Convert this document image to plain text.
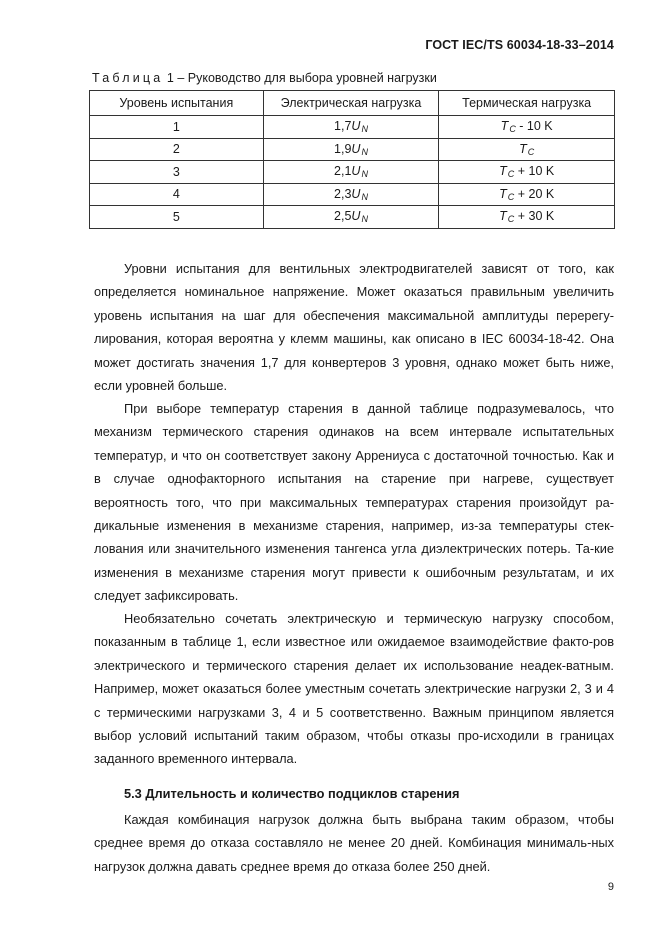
ГОСТ IEC/TS 60034-18-33–2014
Таблица 1 – Руководство для выбора уровней нагрузки
Уровень испытания	Электрическая нагрузка	Термическая нагрузка
1	$1,7U_N$	$T_C - 10$ K
2	$1,9U_N$	$T_C$
3	$2,1U_N$	$T_C + 10$ K
4	$2,3U_N$	$T_C + 20$ K
5	$2,5U_N$	$T_C + 30$ K

Уровни испытания для вентильных электродвигателей зависят от того, как определяется номинальное напряжение. Может оказаться правильным увеличить уровень испытания на шаг для обеспечения максимальной амплитуды перерегу-лирования, которая вероятна у клемм машины, как описано в IEC 60034-18-42. Она может достигать значения 1,7 для конвертеров 3 уровня, однако может быть ниже, если уровней больше.

При выборе температур старения в данной таблице подразумевалось, что механизм термического старения одинаков на всем интервале испытательных температур, и что он соответствует закону Аррениуса с достаточной точностью. Как и в случае однофакторного испытания на старение при нагреве, существует вероятность того, что при максимальных температурах старения произойдут ра-дикальные изменения в механизме старения, например, из-за температуры стек-лования или значительного изменения тангенса угла диэлектрических потерь. Та-кие изменения в механизме старения могут привести к ошибочным результатам, и их следует зафиксировать.

Необязательно сочетать электрическую и термическую нагрузку способом, показанным в таблице 1, если известное или ожидаемое взаимодействие факто-ров электрического и термического старения делает их использование неадек-ватным. Например, может оказаться более уместным сочетать электрические нагрузки 2, 3 и 4 с термическими нагрузками 3, 4 и 5 соответственно. Важным принципом является выбор условий испытаний таким образом, чтобы отказы про-исходили в границах заданного временного интервала.

5.3 Длительность и количество подциклов старения

Каждая комбинация нагрузок должна быть выбрана таким образом, чтобы среднее время до отказа составляло не менее 20 дней. Комбинация минималь-ных нагрузок должна давать среднее время до отказа более 250 дней.

9
